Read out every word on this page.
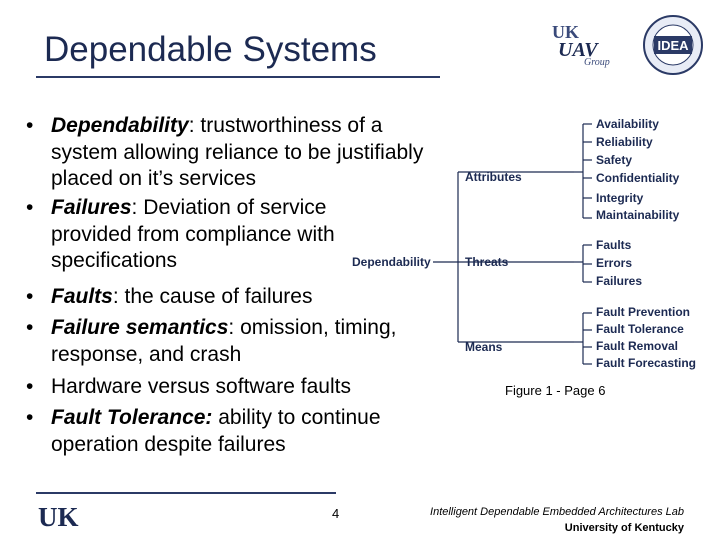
Dependable Systems	UK
UAV
Group
IDEA
• Dependability: trustworthiness of a system allowing reliance to be justifiably placed on it’s services
• Failures: Deviation of service provided from compliance with specifications
• Faults: the cause of failures
• Failure semantics: omission, timing, response, and crash
• Hardware versus software faults
• Fault Tolerance: ability to continue operation despite failures
Dependability
Attributes
Threats
Means
Availability
Reliability
Safety
Confidentiality
Integrity
Maintainability
Faults
Errors
Failures
Fault Prevention
Fault Tolerance
Fault Removal
Fault Forecasting
Figure 1 - Page 6
UK	4	Intelligent Dependable Embedded Architectures Lab
University of Kentucky
